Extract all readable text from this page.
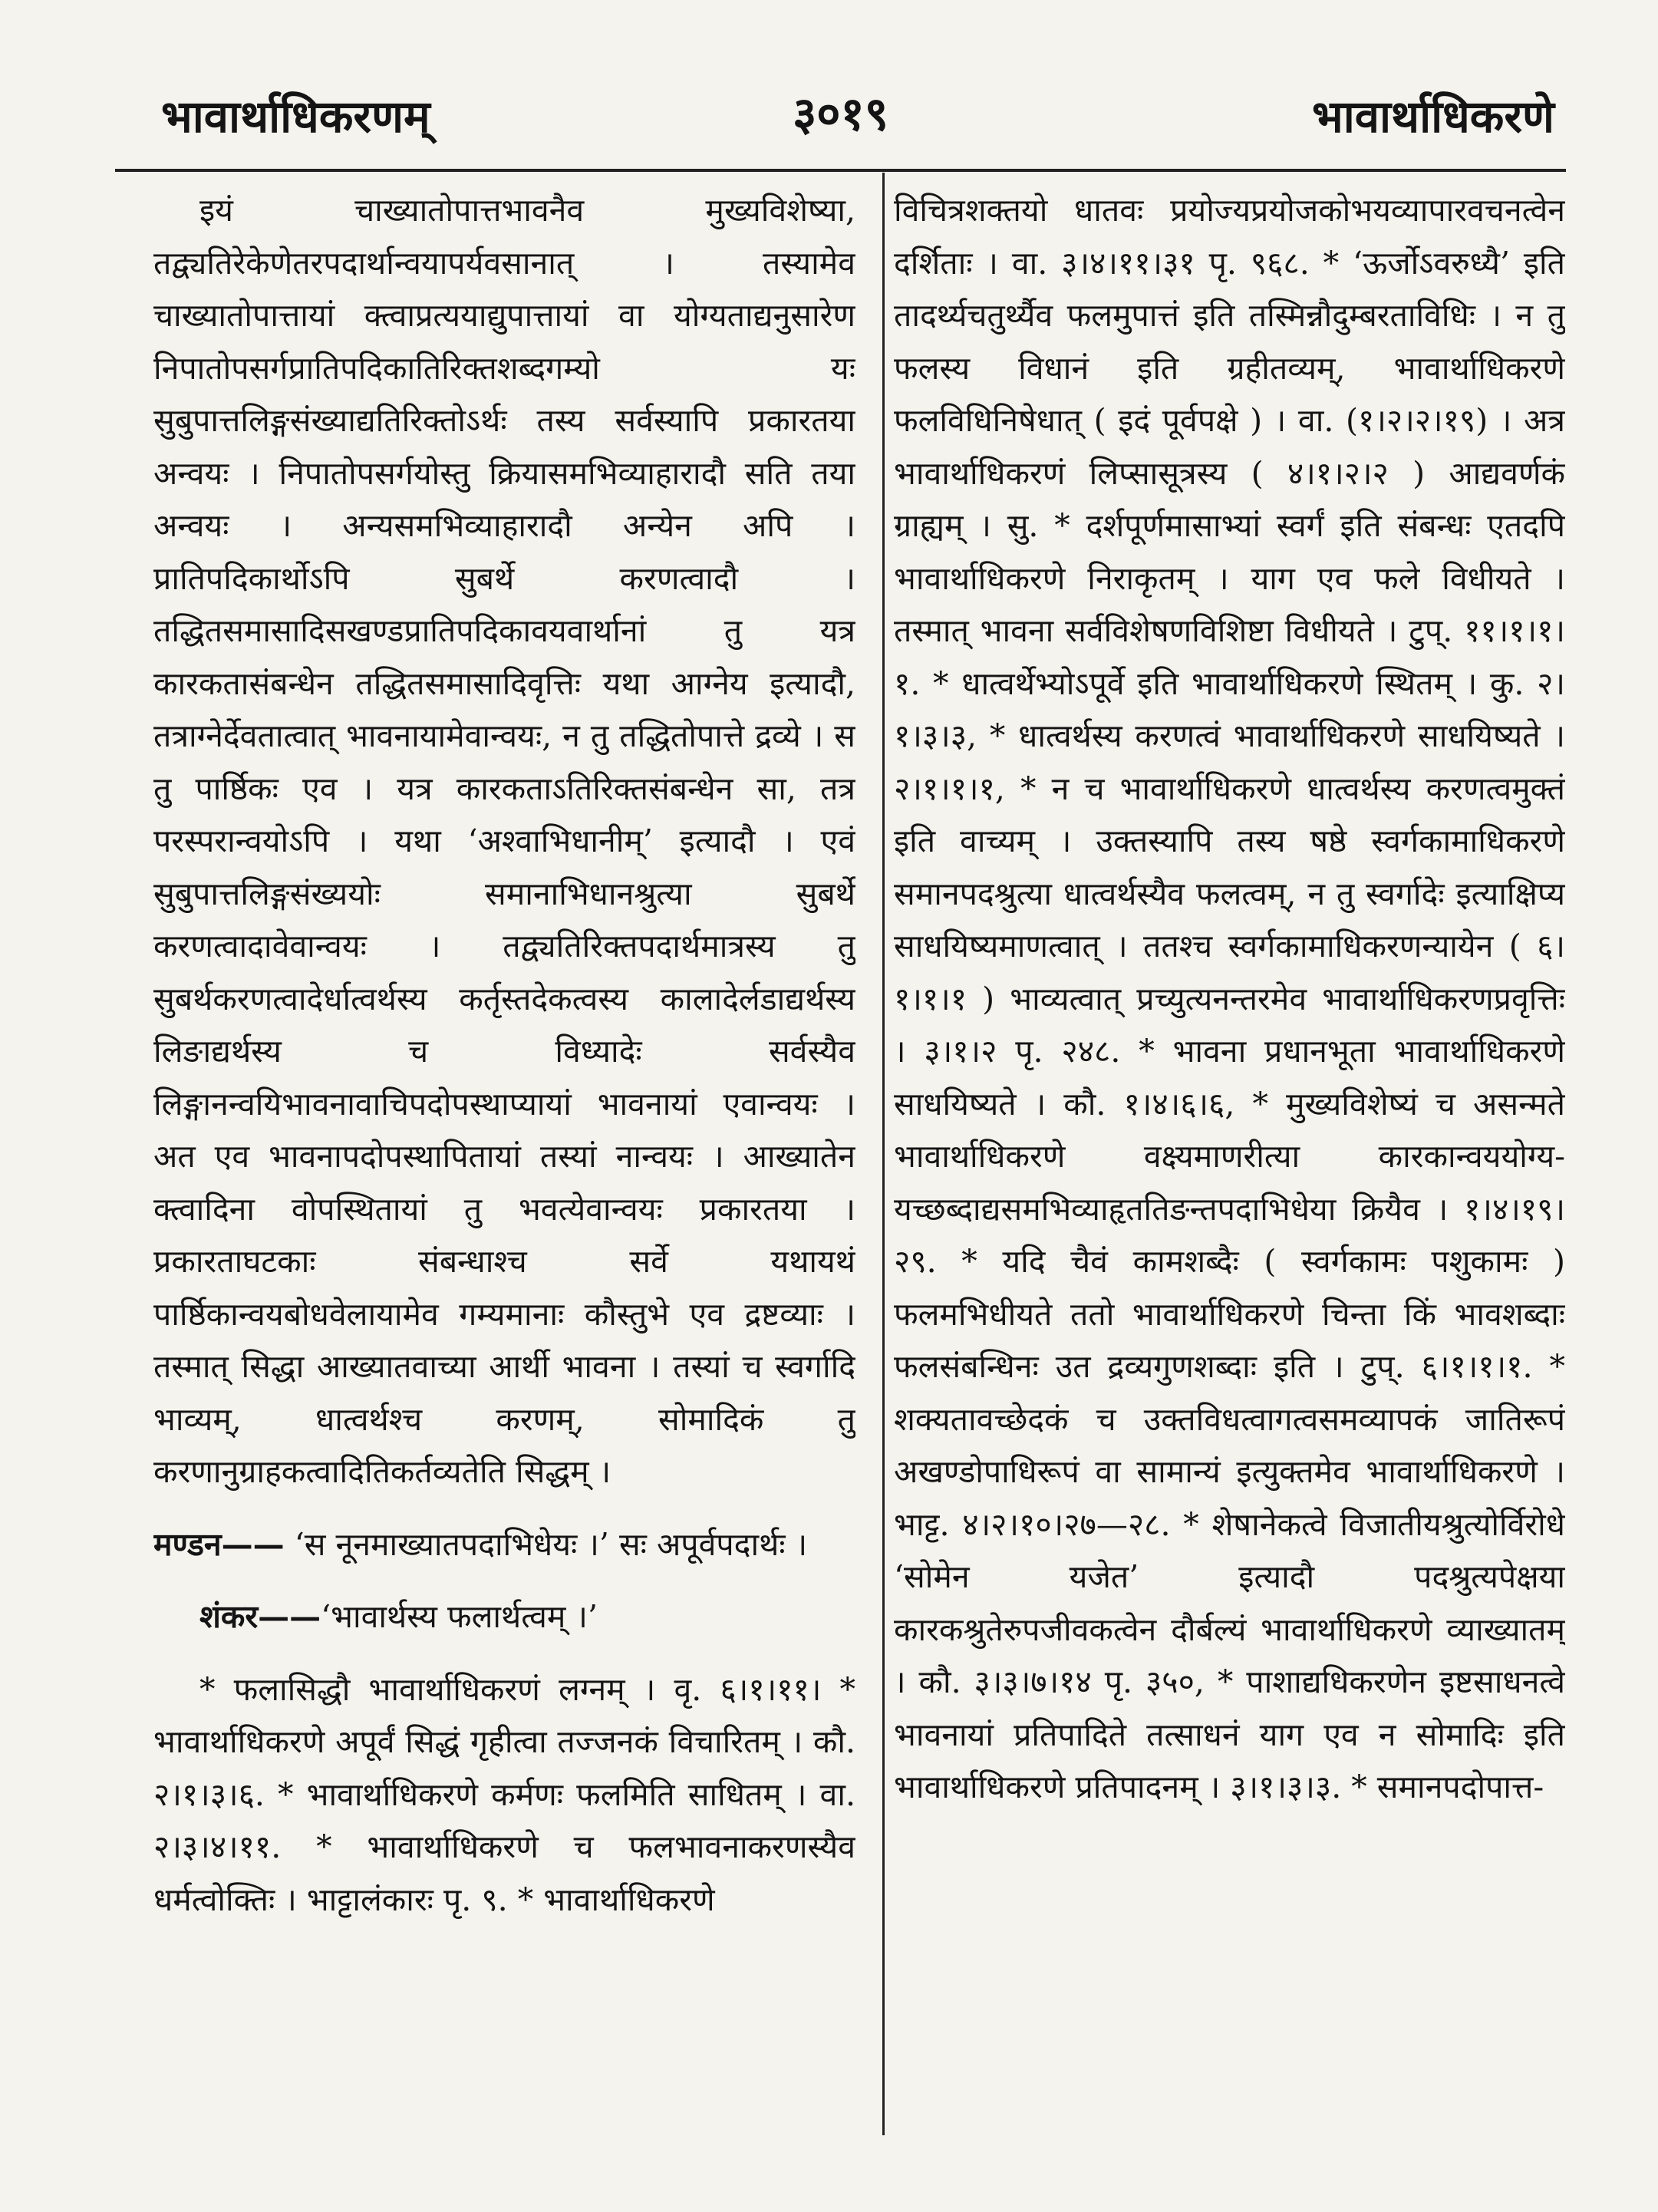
भावार्थाधिकरणम्	३०१९	भावार्थाधिकरणे

इयं चाख्यातोपात्तभावनैव मुख्यविशेष्या, तद्व्यतिरेकेणेतरपदार्थान्वयापर्यवसानात् । तस्यामेव चाख्यातोपात्तायां क्त्वाप्रत्ययाद्युपात्तायां वा योग्यताद्यनुसारेण निपातोपसर्गप्रातिपदिकातिरिक्तशब्दगम्यो यः सुबुपात्तलिङ्गसंख्याद्यतिरिक्तोऽर्थः तस्य सर्वस्यापि प्रकारतया अन्वयः । निपातोपसर्गयोस्तु क्रियासमभिव्याहारादौ सति तया अन्वयः । अन्यसमभिव्याहारादौ अन्येन अपि । प्रातिपदिकार्थोऽपि सुबर्थे करणत्वादौ । तद्धितसमासादिसखण्डप्रातिपदिकावयवार्थानां तु यत्र कारकतासंबन्धेन तद्धितसमासादिवृत्तिः यथा आग्नेय इत्यादौ, तत्राग्नेर्देवतात्वात् भावनायामेवान्वयः, न तु तद्धितोपात्ते द्रव्ये । स तु पार्ष्ठिकः एव । यत्र कारकताऽतिरिक्तसंबन्धेन सा, तत्र परस्परान्वयोऽपि । यथा ‘अश्वाभिधानीम्’ इत्यादौ । एवं सुबुपात्तलिङ्गसंख्ययोः समानाभिधानश्रुत्या सुबर्थे करणत्वादावेवान्वयः । तद्व्यतिरिक्तपदार्थमात्रस्य तु सुबर्थकरणत्वादेर्धात्वर्थस्य कर्तृस्तदेकत्वस्य कालादेर्लडाद्यर्थस्य लिङाद्यर्थस्य च विध्यादेः सर्वस्यैव लिङ्गानन्वयिभावनावाचिपदोपस्थाप्यायां भावनायां एवान्वयः । अत एव भावनापदोपस्थापितायां तस्यां नान्वयः । आख्यातेन क्त्वादिना वोपस्थितायां तु भवत्येवान्वयः प्रकारतया । प्रकारताघटकाः संबन्धाश्च सर्वे यथायथं पार्ष्ठिकान्वयबोधवेलायामेव गम्यमानाः कौस्तुभे एव द्रष्टव्याः । तस्मात् सिद्धा आख्यातवाच्या आर्थी भावना । तस्यां च स्वर्गादि भाव्यम्, धात्वर्थश्च करणम्, सोमादिकं तु करणानुग्राहकत्वादितिकर्तव्यतेति सिद्धम् ।

मण्डन—— ‘स नूनमाख्यातपदाभिधेयः ।’ सः अपूर्वपदार्थः ।

शंकर——‘भावार्थस्य फलार्थत्वम् ।’

* फलासिद्धौ भावार्थाधिकरणं लग्नम् । वृ. ६।१।११। * भावार्थाधिकरणे अपूर्वं सिद्धं गृहीत्वा तज्जनकं विचारितम् । कौ. २।१।३।६. * भावार्थाधिकरणे कर्मणः फलमिति साधितम् । वा. २।३।४।११. * भावार्थाधिकरणे च फलभावनाकरणस्यैव धर्मत्वोक्तिः । भाट्टालंकारः पृ. ९. * भावार्थाधिकरणे

विचित्रशक्तयो धातवः प्रयोज्यप्रयोजकोभयव्यापारवचनत्वेन दर्शिताः । वा. ३।४।११।३१ पृ. ९६८. * ‘ऊर्जोऽवरुध्यै’ इति तादर्थ्यचतुर्थ्यैव फलमुपात्तं इति तस्मिन्नौदुम्बरताविधिः । न तु फलस्य विधानं इति ग्रहीतव्यम्, भावार्थाधिकरणे फलविधिनिषेधात् ( इदं पूर्वपक्षे ) । वा. (१।२।२।१९) । अत्र भावार्थाधिकरणं लिप्सासूत्रस्य ( ४।१।२।२ ) आद्यवर्णकं ग्राह्यम् । सु. * दर्शपूर्णमासाभ्यां स्वर्गं इति संबन्धः एतदपि भावार्थाधिकरणे निराकृतम् । याग एव फले विधीयते । तस्मात् भावना सर्वविशेषणविशिष्टा विधीयते । टुप्. ११।१।१।१. * धात्वर्थेभ्योऽपूर्वे इति भावार्थाधिकरणे स्थितम् । कु. २।१।३।३, * धात्वर्थस्य करणत्वं भावार्थाधिकरणे साधयिष्यते । २।१।१।१, * न च भावार्थाधिकरणे धात्वर्थस्य करणत्वमुक्तं इति वाच्यम् । उक्तस्यापि तस्य षष्ठे स्वर्गकामाधिकरणे समानपदश्रुत्या धात्वर्थस्यैव फलत्वम्, न तु स्वर्गादेः इत्याक्षिप्य साधयिष्यमाणत्वात् । ततश्च स्वर्गकामाधिकरणन्यायेन ( ६।१।१।१ ) भाव्यत्वात् प्रच्युत्यनन्तरमेव भावार्थाधिकरणप्रवृत्तिः । ३।१।२ पृ. २४८. * भावना प्रधानभूता भावार्थाधिकरणे साधयिष्यते । कौ. १।४।६।६, * मुख्यविशेष्यं च असन्मते भावार्थाधिकरणे वक्ष्यमाणरीत्या कारकान्वययोग्य-यच्छब्दाद्यसमभिव्याहृततिङन्तपदाभिधेया क्रियैव । १।४।१९।२९. * यदि चैवं कामशब्दैः ( स्वर्गकामः पशुकामः ) फलमभिधीयते ततो भावार्थाधिकरणे चिन्ता किं भावशब्दाः फलसंबन्धिनः उत द्रव्यगुणशब्दाः इति । टुप्. ६।१।१।१. * शक्यतावच्छेदकं च उक्तविधत्वागत्वसमव्यापकं जातिरूपं अखण्डोपाधिरूपं वा सामान्यं इत्युक्तमेव भावार्थाधिकरणे । भाट्ट. ४।२।१०।२७—२८. * शेषानेकत्वे विजातीयश्रुत्योर्विरोधे ‘सोमेन यजेत’ इत्यादौ पदश्रुत्यपेक्षया कारकश्रुतेरुपजीवकत्वेन दौर्बल्यं भावार्थाधिकरणे व्याख्यातम् । कौ. ३।३।७।१४ पृ. ३५०, * पाशाद्यधिकरणेन इष्टसाधनत्वे भावनायां प्रतिपादिते तत्साधनं याग एव न सोमादिः इति भावार्थाधिकरणे प्रतिपादनम् । ३।१।३।३. * समानपदोपात्त-
